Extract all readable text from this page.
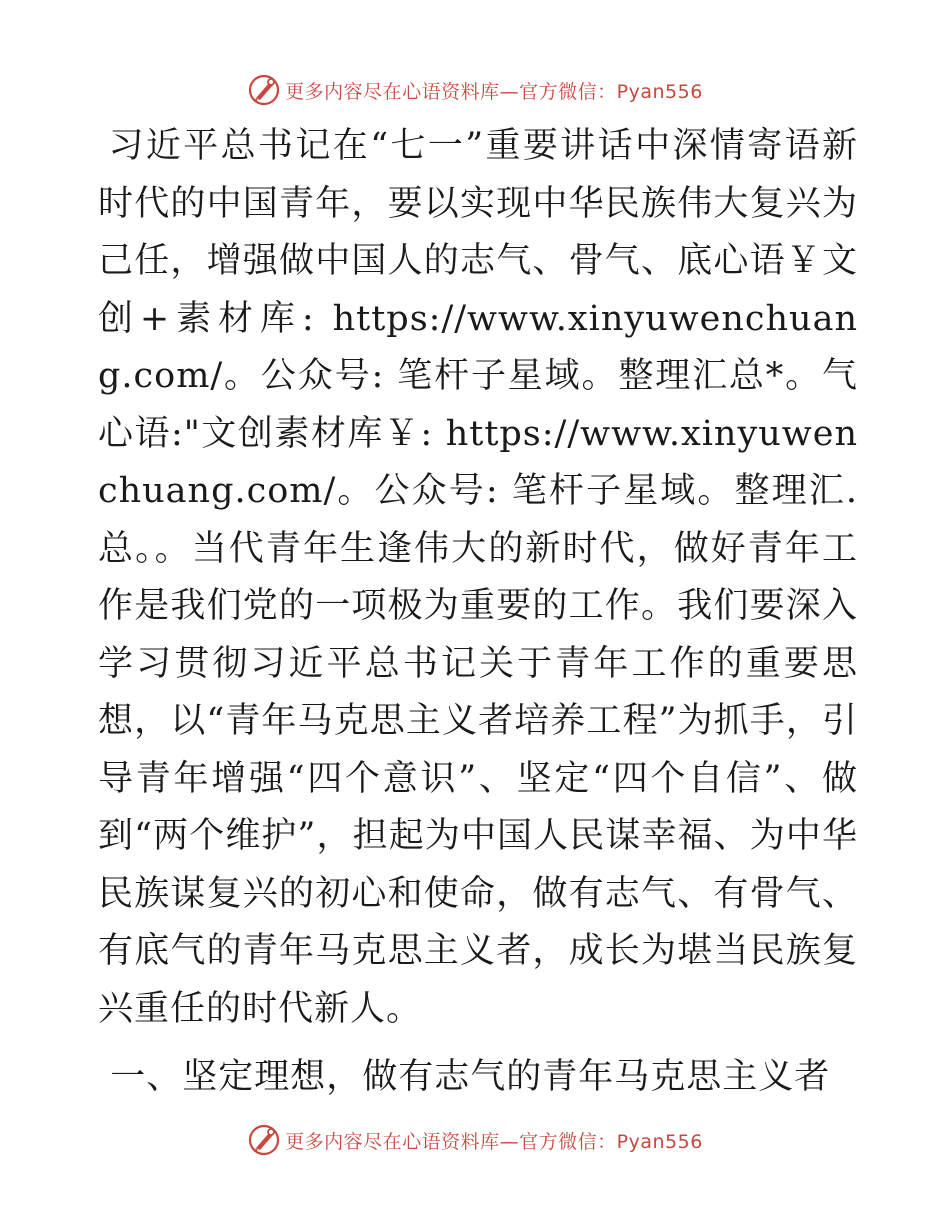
更多内容尽在心语资料库—官方微信：Pyan556

习近平总书记在“七一”重要讲话中深情寄语新时代的中国青年，要以实现中华民族伟大复兴为己任，增强做中国人的志气、骨气、底心语￥文创+素材库: https://www.xinyuwenchuang.com/。公众号: 笔杆子星域。整理汇总*。气心语:"文创素材库￥: https://www.xinyuwenchuang.com/。公众号: 笔杆子星域。整理汇.总。。当代青年生逢伟大的新时代，做好青年工作是我们党的一项极为重要的工作。我们要深入学习贯彻习近平总书记关于青年工作的重要思想，以“青年马克思主义者培养工程”为抓手，引导青年增强“四个意识”、坚定“四个自信”、做到“两个维护”，担起为中国人民谋幸福、为中华民族谋复兴的初心和使命，做有志气、有骨气、有底气的青年马克思主义者，成长为堪当民族复兴重任的时代新人。

一、坚定理想，做有志气的青年马克思主义者
更多内容尽在心语资料库—官方微信：Pyan556
